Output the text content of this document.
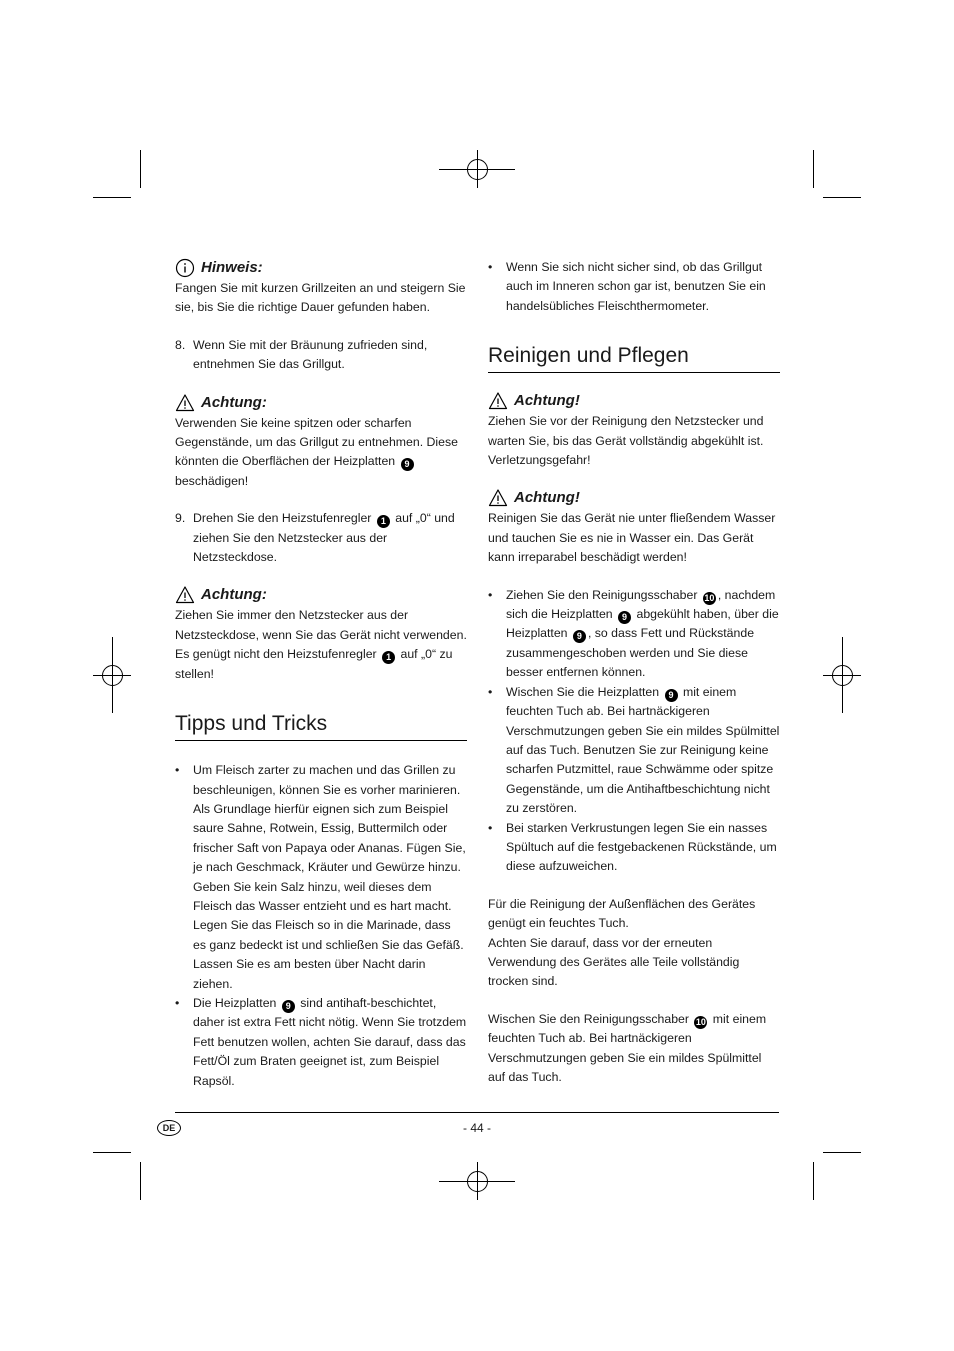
Hinweis:

Fangen Sie mit kurzen Grillzeiten an und steigern Sie sie, bis Sie die richtige Dauer gefunden haben.

8. Wenn Sie mit der Bräunung zufrieden sind, entnehmen Sie das Grillgut.
Achtung:

Verwenden Sie keine spitzen oder scharfen Gegenstände, um das Grillgut zu entnehmen. Diese könnten die Oberflächen der Heizplatten 9 beschädigen!

9. Drehen Sie den Heizstufenregler 1 auf „0“ und ziehen Sie den Netzstecker aus der Netzsteckdose.
Achtung:

Ziehen Sie immer den Netzstecker aus der Netzsteckdose, wenn Sie das Gerät nicht verwenden. Es genügt nicht den Heizstufenregler 1 auf „0“ zu stellen!

Tipps und Tricks
•	Um Fleisch zarter zu machen und das Grillen zu beschleunigen, können Sie es vorher marinieren. Als Grundlage hierfür eignen sich zum Beispiel saure Sahne, Rotwein, Essig, Buttermilch oder frischer Saft von Papaya oder Ananas. Fügen Sie, je nach Geschmack, Kräuter und Gewürze hinzu. Geben Sie kein Salz hinzu, weil dieses dem Fleisch das Wasser entzieht und es hart macht. Legen Sie das Fleisch so in die Marinade, dass es ganz bedeckt ist und schließen Sie das Gefäß. Lassen Sie es am besten über Nacht darin ziehen.
•	Die Heizplatten 9 sind antihaft-beschichtet, daher ist extra Fett nicht nötig. Wenn Sie trotzdem Fett benutzen wollen, achten Sie darauf, dass das Fett/Öl zum Braten geeignet ist, zum Beispiel Rapsöl.
•	Wenn Sie sich nicht sicher sind, ob das Grillgut auch im Inneren schon gar ist, benutzen Sie ein handelsübliches Fleischthermometer.
Reinigen und Pflegen
Achtung!

Ziehen Sie vor der Reinigung den Netzstecker und warten Sie, bis das Gerät vollständig abgekühlt ist. Verletzungsgefahr!

Achtung!

Reinigen Sie das Gerät nie unter fließendem Wasser und tauchen Sie es nie in Wasser ein. Das Gerät kann irreparabel beschädigt werden!

•	Ziehen Sie den Reinigungsschaber 10 , nachdem sich die Heizplatten 9 abgekühlt haben, über die Heizplatten 9 , so dass Fett und Rückstände zusammengeschoben werden und Sie diese besser entfernen können.
•	Wischen Sie die Heizplatten 9 mit einem feuchten Tuch ab. Bei hartnäckigeren Verschmutzungen geben Sie ein mildes Spülmittel auf das Tuch. Benutzen Sie zur Reinigung keine scharfen Putzmittel, raue Schwämme oder spitze Gegenstände, um die Antihaftbeschichtung nicht zu zerstören.
•	Bei starken Verkrustungen legen Sie ein nasses Spültuch auf die festgebackenen Rückstände, um diese aufzuweichen.

Für die Reinigung der Außenflächen des Gerätes genügt ein feuchtes Tuch.

Achten Sie darauf, dass vor der erneuten Verwendung des Gerätes alle Teile vollständig trocken sind.

Wischen Sie den Reinigungsschaber 10 mit einem feuchten Tuch ab. Bei hartnäckigeren Verschmutzungen geben Sie ein mildes Spülmittel auf das Tuch.

DE	- 44 -
